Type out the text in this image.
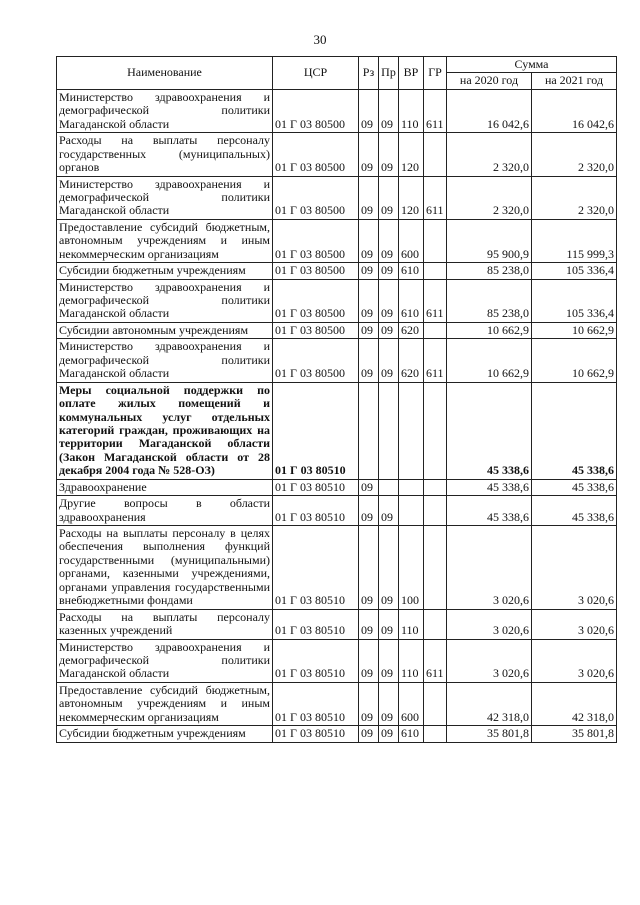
30
Наименование	ЦСР	Рз	Пр	ВР	ГР	Сумма	
						на 2020 год	на 2021 год
Министерство здравоохранения и демографической политики Магаданской области	01 Г 03 80500	09	09	110	611	16 042,6	16 042,6
Расходы на выплаты персоналу государственных (муниципальных) органов	01 Г 03 80500	09	09	120		2 320,0	2 320,0
Министерство здравоохранения и демографической политики Магаданской области	01 Г 03 80500	09	09	120	611	2 320,0	2 320,0
Предоставление субсидий бюджетным, автономным учреждениям и иным некоммерческим организациям	01 Г 03 80500	09	09	600		95 900,9	115 999,3
Субсидии бюджетным учреждениям	01 Г 03 80500	09	09	610		85 238,0	105 336,4
Министерство здравоохранения и демографической политики Магаданской области	01 Г 03 80500	09	09	610	611	85 238,0	105 336,4
Субсидии автономным учреждениям	01 Г 03 80500	09	09	620		10 662,9	10 662,9
Министерство здравоохранения и демографической политики Магаданской области	01 Г 03 80500	09	09	620	611	10 662,9	10 662,9
Меры социальной поддержки по оплате жилых помещений и коммунальных услуг отдельных категорий граждан, проживающих на территории Магаданской области (Закон Магаданской области от 28 декабря 2004 года № 528-ОЗ)	01 Г 03 80510					45 338,6	45 338,6
Здравоохранение	01 Г 03 80510	09				45 338,6	45 338,6
Другие вопросы в области здравоохранения	01 Г 03 80510	09	09			45 338,6	45 338,6
Расходы на выплаты персоналу в целях обеспечения выполнения функций государственными (муниципальными) органами, казенными учреждениями, органами управления государственными внебюджетными фондами	01 Г 03 80510	09	09	100		3 020,6	3 020,6
Расходы на выплаты персоналу казенных учреждений	01 Г 03 80510	09	09	110		3 020,6	3 020,6
Министерство здравоохранения и демографической политики Магаданской области	01 Г 03 80510	09	09	110	611	3 020,6	3 020,6
Предоставление субсидий бюджетным, автономным учреждениям и иным некоммерческим организациям	01 Г 03 80510	09	09	600		42 318,0	42 318,0
Субсидии бюджетным учреждениям	01 Г 03 80510	09	09	610		35 801,8	35 801,8
